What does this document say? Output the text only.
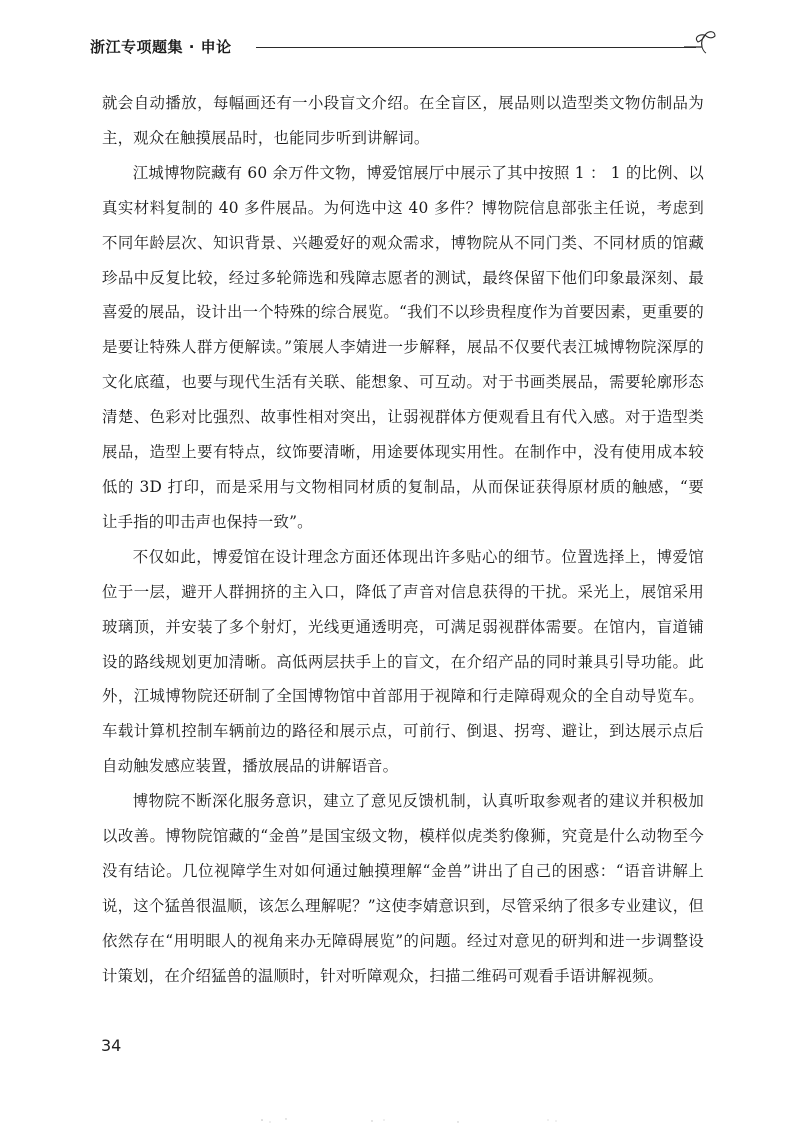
浙江专项题集 · 申论

就会自动播放，每幅画还有一小段盲文介绍。在全盲区，展品则以造型类文物仿制品为主，观众在触摸展品时，也能同步听到讲解词。

江城博物院藏有 60 余万件文物，博爱馆展厅中展示了其中按照 1 ： 1 的比例、以真实材料复制的 40 多件展品。为何选中这 40 多件？博物院信息部张主任说，考虑到不同年龄层次、知识背景、兴趣爱好的观众需求，博物院从不同门类、不同材质的馆藏珍品中反复比较，经过多轮筛选和残障志愿者的测试，最终保留下他们印象最深刻、最喜爱的展品，设计出一个特殊的综合展览。“我们不以珍贵程度作为首要因素，更重要的是要让特殊人群方便解读。”策展人李婧进一步解释，展品不仅要代表江城博物院深厚的文化底蕴，也要与现代生活有关联、能想象、可互动。对于书画类展品，需要轮廓形态清楚、色彩对比强烈、故事性相对突出，让弱视群体方便观看且有代入感。对于造型类展品，造型上要有特点，纹饰要清晰，用途要体现实用性。在制作中，没有使用成本较低的 3D 打印，而是采用与文物相同材质的复制品，从而保证获得原材质的触感，“要让手指的叩击声也保持一致”。

不仅如此，博爱馆在设计理念方面还体现出许多贴心的细节。位置选择上，博爱馆位于一层，避开人群拥挤的主入口，降低了声音对信息获得的干扰。采光上，展馆采用玻璃顶，并安装了多个射灯，光线更通透明亮，可满足弱视群体需要。在馆内，盲道铺设的路线规划更加清晰。高低两层扶手上的盲文，在介绍产品的同时兼具引导功能。此外，江城博物院还研制了全国博物馆中首部用于视障和行走障碍观众的全自动导览车。车载计算机控制车辆前边的路径和展示点，可前行、倒退、拐弯、避让，到达展示点后自动触发感应装置，播放展品的讲解语音。

博物院不断深化服务意识，建立了意见反馈机制，认真听取参观者的建议并积极加以改善。博物院馆藏的“金兽”是国宝级文物，模样似虎类豹像狮，究竟是什么动物至今没有结论。几位视障学生对如何通过触摸理解“金兽”讲出了自己的困惑：“语音讲解上说，这个猛兽很温顺，该怎么理解呢？”这使李婧意识到，尽管采纳了很多专业建议，但依然存在“用明眼人的视角来办无障碍展览”的问题。经过对意见的研判和进一步调整设计策划，在介绍猛兽的温顺时，针对听障观众，扫描二维码可观看手语讲解视频。

34
